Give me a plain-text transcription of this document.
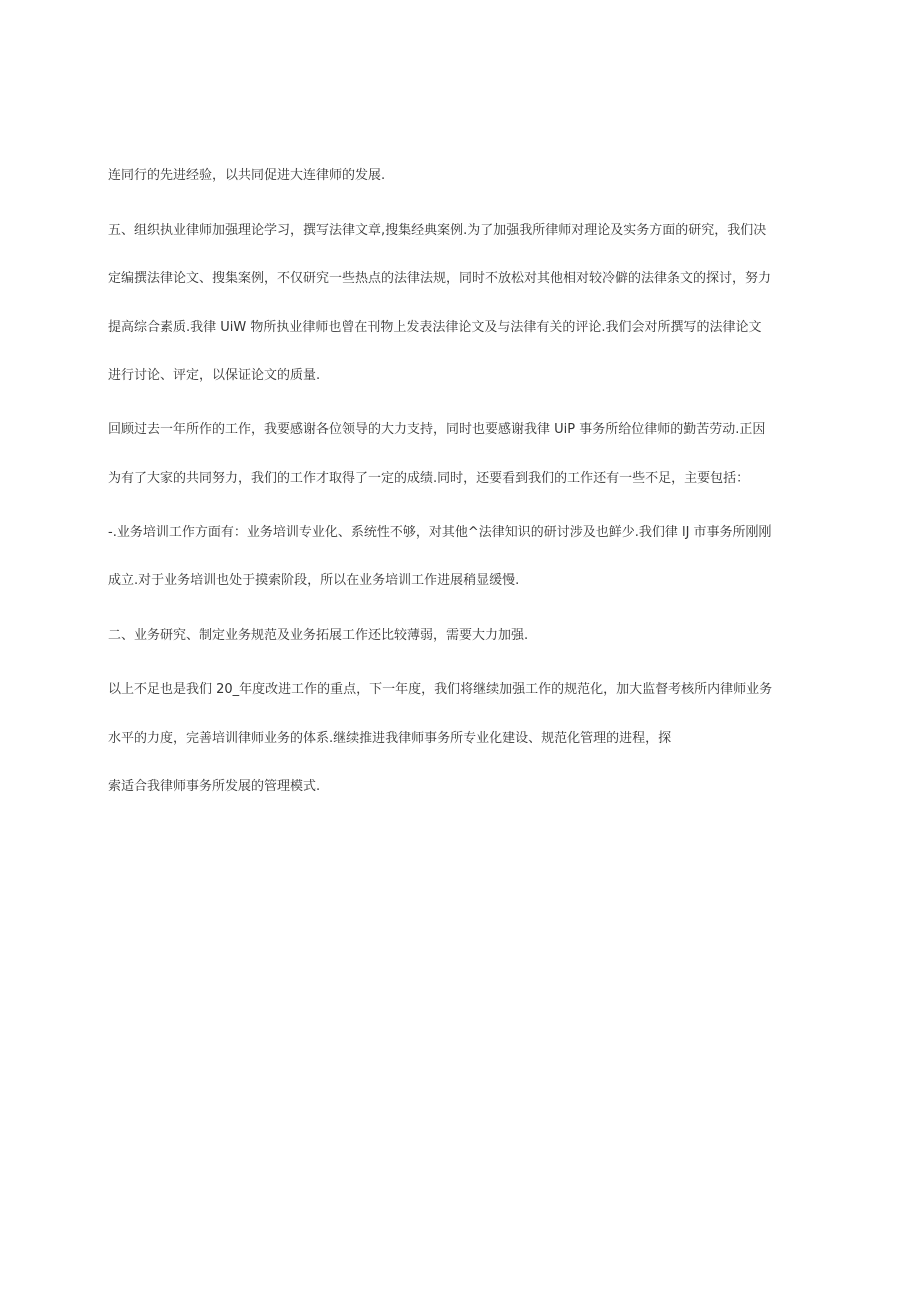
连同行的先进经验，以共同促进大连律师的发展.
五、组织执业律师加强理论学习，撰写法律文章,搜集经典案例.为了加强我所律师对理论及实务方面的研究，我们决
定编撰法律论文、搜集案例，不仅研究一些热点的法律法规，同时不放松对其他相对较冷僻的法律条文的探讨，努力
提高综合素质.我律 UiW 物所执业律师也曾在刊物上发表法律论文及与法律有关的评论.我们会对所撰写的法律论文
进行讨论、评定，以保证论文的质量.
回顾过去一年所作的工作，我要感谢各位领导的大力支持，同时也要感谢我律 UiP 事务所给位律师的勤苦劳动.正因
为有了大家的共同努力，我们的工作才取得了一定的成绩.同时，还要看到我们的工作还有一些不足，主要包括：
-.业务培训工作方面有：业务培训专业化、系统性不够，对其他^法律知识的研讨涉及也鲜少.我们律 lJ 市事务所刚刚
成立.对于业务培训也处于摸索阶段，所以在业务培训工作进展稍显缓慢.
二、业务研究、制定业务规范及业务拓展工作还比较薄弱，需要大力加强.
以上不足也是我们 20_年度改进工作的重点，下一年度，我们将继续加强工作的规范化，加大监督考核所内律师业务
水平的力度，完善培训律师业务的体系.继续推进我律师事务所专业化建设、规范化管理的进程，探
索适合我律师事务所发展的管理模式.
